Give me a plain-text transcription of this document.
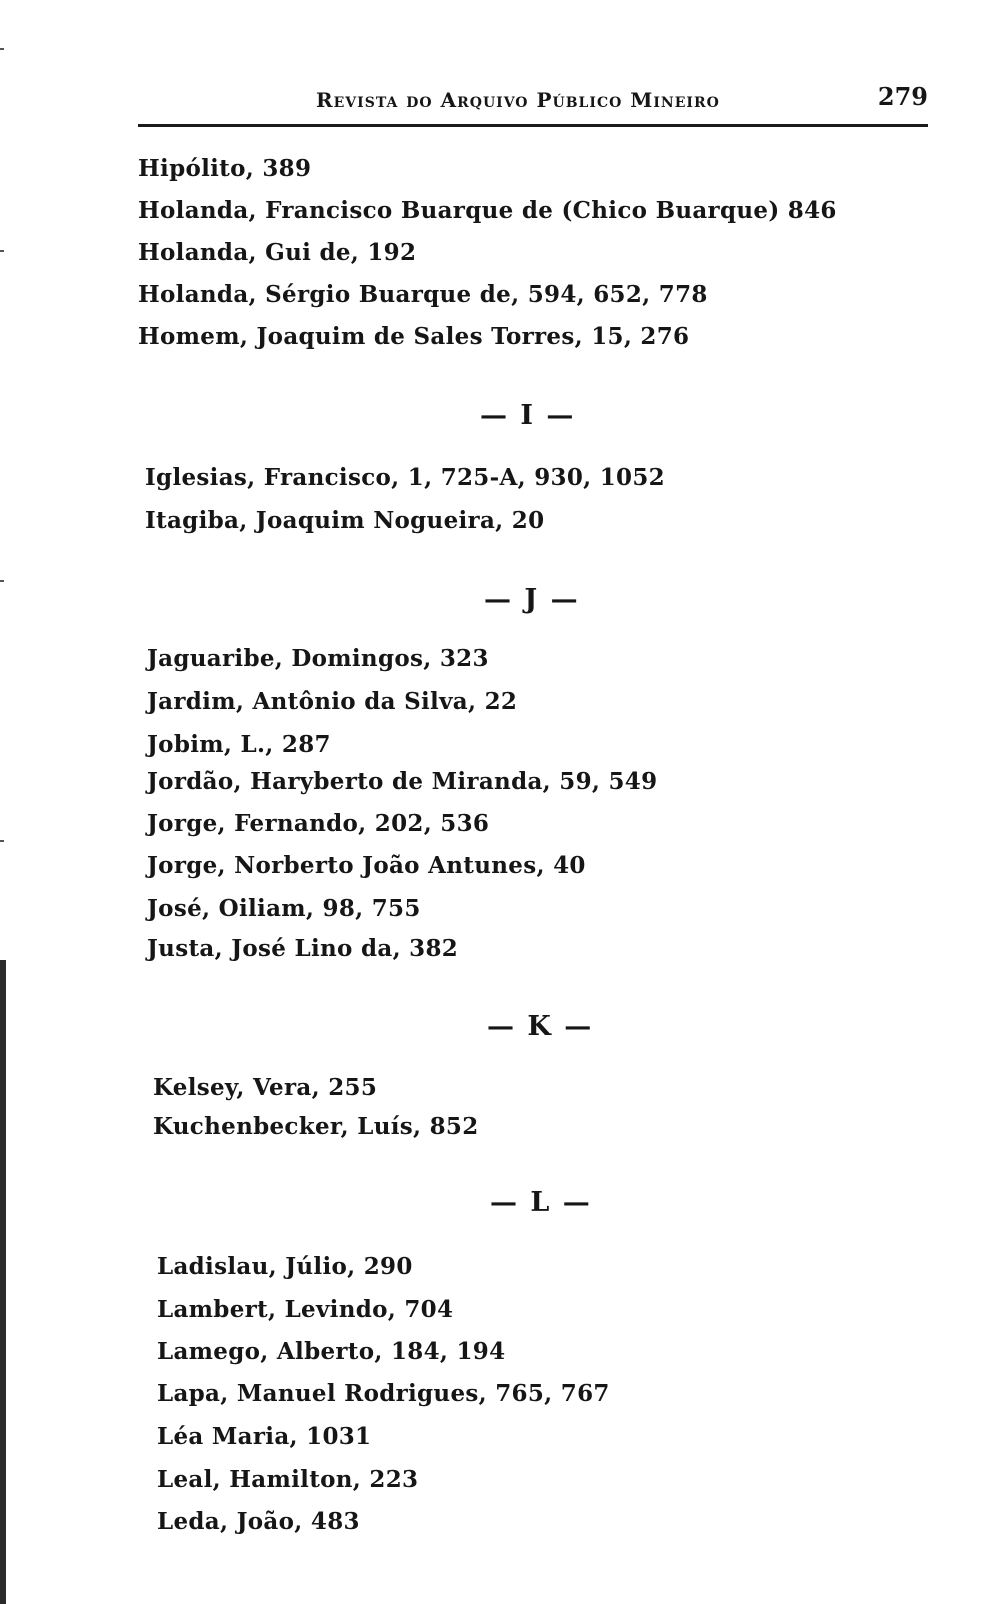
Revista do Arquivo Público Mineiro	279
Hipólito, 389
Holanda, Francisco Buarque de (Chico Buarque) 846
Holanda, Gui de, 192
Holanda, Sérgio Buarque de, 594, 652, 778
Homem, Joaquim de Sales Torres, 15, 276
— I —
Iglesias, Francisco, 1, 725-A, 930, 1052
Itagiba, Joaquim Nogueira, 20
— J —
Jaguaribe, Domingos, 323
Jardim, Antônio da Silva, 22
Jobim, L., 287
Jordão, Haryberto de Miranda, 59, 549
Jorge, Fernando, 202, 536
Jorge, Norberto João Antunes, 40
José, Oiliam, 98, 755
Justa, José Lino da, 382
— K —
Kelsey, Vera, 255
Kuchenbecker, Luís, 852
— L —
Ladislau, Júlio, 290
Lambert, Levindo, 704
Lamego, Alberto, 184, 194
Lapa, Manuel Rodrigues, 765, 767
Léa Maria, 1031
Leal, Hamilton, 223
Leda, João, 483
